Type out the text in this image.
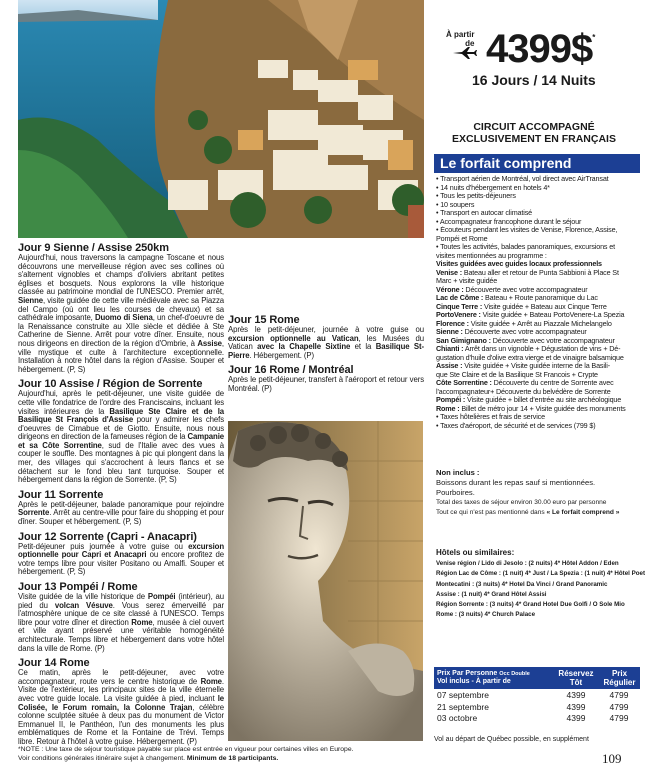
À partir
de 4399$*
16 Jours / 14 Nuits
CIRCUIT ACCOMPAGNÉ
EXCLUSIVEMENT EN FRANÇAIS
Le forfait comprend
• Transport aérien de Montréal, vol direct avec AirTransat
• 14 nuits d'hébergement en hotels 4*
• Tous les petits-déjeuners
• 10 soupers
• Transport en autocar climatisé
• Accompagnateur francophone durant le séjour
• Écouteurs pendant les visites de Venise, Florence, Assise,
Pompéi et Rome
• Toutes les activités, balades panoramiques, excursions et
visites mentionnées au programme :
Visites guidées avec guides locaux professionnels
Venise : Bateau aller et retour de Punta Sabbioni à Place St
Marc + visite guidée
Vérone : Découverte avec votre accompagnateur
Lac de Côme : Bateau + Route panoramique du Lac
Cinque Terre : Visite guidée + Bateau aux Cinque Terre
PortoVenere : Visite guidée + Bateau PortoVenere-La Spezia
Florence : Visite guidée + Arrêt au Piazzale Michelangelo
Sienne : Découverte avec votre accompagnateur
San Gimignano : Découverte avec votre accompagnateur
Chianti : Arrêt dans un vignoble + Dégustation de vins + Dé-
gustation d'huile d'olive extra vierge et de vinaigre balsamique
Assise : Visite guidée + Visite guidée interne de la Basili-
que Ste Claire et de la Basilique St Francois + Crypte
Côte Sorrentine : Découverte du centre de Sorrente avec
l'accompagnateur+ Découverte du belvédère de Sorrente
Pompéi : Visite guidée + billet d'entrée au site archéologique
Rome : Billet de métro jour 14 + Visite guidée des monuments
• Taxes hôtelières et frais de service
• Taxes d'aéroport, de sécurité et de services (799 $)
Non inclus :
Boissons durant les repas sauf si mentionnées.
Pourboires.
Total des taxes de séjour environ 30.00 euro par personne
Tout ce qui n'est pas mentionné dans « Le forfait comprend »
Hôtels ou similaires:
Venise région / Lido di Jesolo : (2 nuits) 4* Hôtel Addon / Eden
Région Lac de Côme : (1 nuit) 4* Just / La Spezia : (1 nuit) 4* Hôtel Poet
Montecatini : (3 nuits) 4* Hotel Da Vinci / Grand Panoramic
Assise : (1 nuit) 4* Grand Hôtel Assisi
Région Sorrente : (3 nuits) 4* Grand Hotel Due Golfi / O Sole Mio
Rome : (3 nuits) 4* Church Palace
Prix Par Personne Occ Double
Vol inclus - À partir de
Réservez
Tôt
Prix
Régulier
07 septembre	4399	4799
21 septembre	4399	4799
03 octobre	4399	4799
Vol au départ de Québec possible, en supplément
Jour 9 Sienne / Assise 250km

Aujourd'hui, nous traversons la campagne Toscane et nous découvrons une merveilleuse région avec ses collines où s'alternent vignobles et champs d'oliviers abritant petites églises et bosquets. Nous explorons la ville historique classée au patrimoine mondial de l'UNESCO. Premier arrêt, Sienne, visite guidée de cette ville médiévale avec sa Piazza del Campo (où ont lieu les courses de chevaux) et sa cathédrale imposante, Duomo di Siena, un chef-d'oeuvre de la Renaissance construite au XIIe siècle et dédiée à Ste Catherine de Sienne. Arrêt pour votre dîner. Ensuite, nous nous dirigeons en direction de la région d'Ombrie, à Assise, ville mystique et culte à l'architecture exceptionnelle. Installation à notre hôtel dans la région d'Assise. Souper et hébergement. (P, S)

Jour 10 Assise / Région de Sorrente

Aujourd'hui, après le petit-déjeuner, une visite guidée de cette ville fondatrice de l'ordre des Franciscains, incluant les visites intérieures de la Basilique Ste Claire et de la Basilique St François d'Assise pour y admirer les chefs d'oeuvres de Cimabue et de Giotto. Ensuite, nous nous dirigeons en direction de la fameuses région de la Campanie et sa Côte Sorrentine, sud de l'Italie avec des vues à couper le souffle. Des montagnes à pic qui plongent dans la mer, des villages qui s'accrochent à leurs flancs et se détachent sur le fond bleu tant turquoise. Souper et hébergement dans la région de Sorrente. (P, S)

Jour 11 Sorrente

Après le petit-déjeuner, balade panoramique pour rejoindre Sorrente. Arrêt au centre-ville pour faire du shopping et pour dîner. Souper et hébergement. (P, S)

Jour 12 Sorrente (Capri - Anacapri)

Petit-déjeuner puis journée à votre guise ou excursion optionnelle pour Capri et Anacapri ou encore profitez de votre temps libre pour visiter Positano ou Amalfi. Souper et hébergement. (P, S)

Jour 13 Pompéi / Rome

Visite guidée de la ville historique de Pompéi (intérieur), au pied du volcan Vésuve. Vous serez émerveillé par l'atmosphère unique de ce site classé à l'UNESCO. Temps libre pour votre dîner et direction Rome, musée à ciel ouvert et ville ayant préservé une véritable homogénéité architecturale. Temps libre et hébergement dans votre hôtel dans la ville de Rome. (P)

Jour 14 Rome

Ce matin, après le petit-déjeuner, avec votre accompagnateur, route vers le centre historique de Rome. Visite de l'extérieur, les principaux sites de la ville éternelle avec votre guide locale. La visite guidée à pied, incluant le Colisée, le Forum romain, la Colonne Trajan, célèbre colonne sculptée située à deux pas du monument de Victor Emmanuel II, le Panthéon, l'un des monuments les plus emblématiques de Rome et la Fontaine de Trévi. Temps libre. Retour à l'hôtel à votre guise. Hébergement. (P)

Jour 15 Rome

Après le petit-déjeuner, journée à votre guise ou excursion optionnelle au Vatican, les Musées du Vatican avec la Chapelle Sixtine et la Basilique St-Pierre. Hébergement. (P)

Jour 16 Rome / Montréal

Après le petit-déjeuner, transfert à l'aéroport et retour vers Montréal. (P)

*NOTE : Une taxe de séjour touristique payable sur place est entrée en vigueur pour certaines villes en Europe.
Voir conditions générales itinéraire sujet à changement. Minimum de 18 participants.	109
